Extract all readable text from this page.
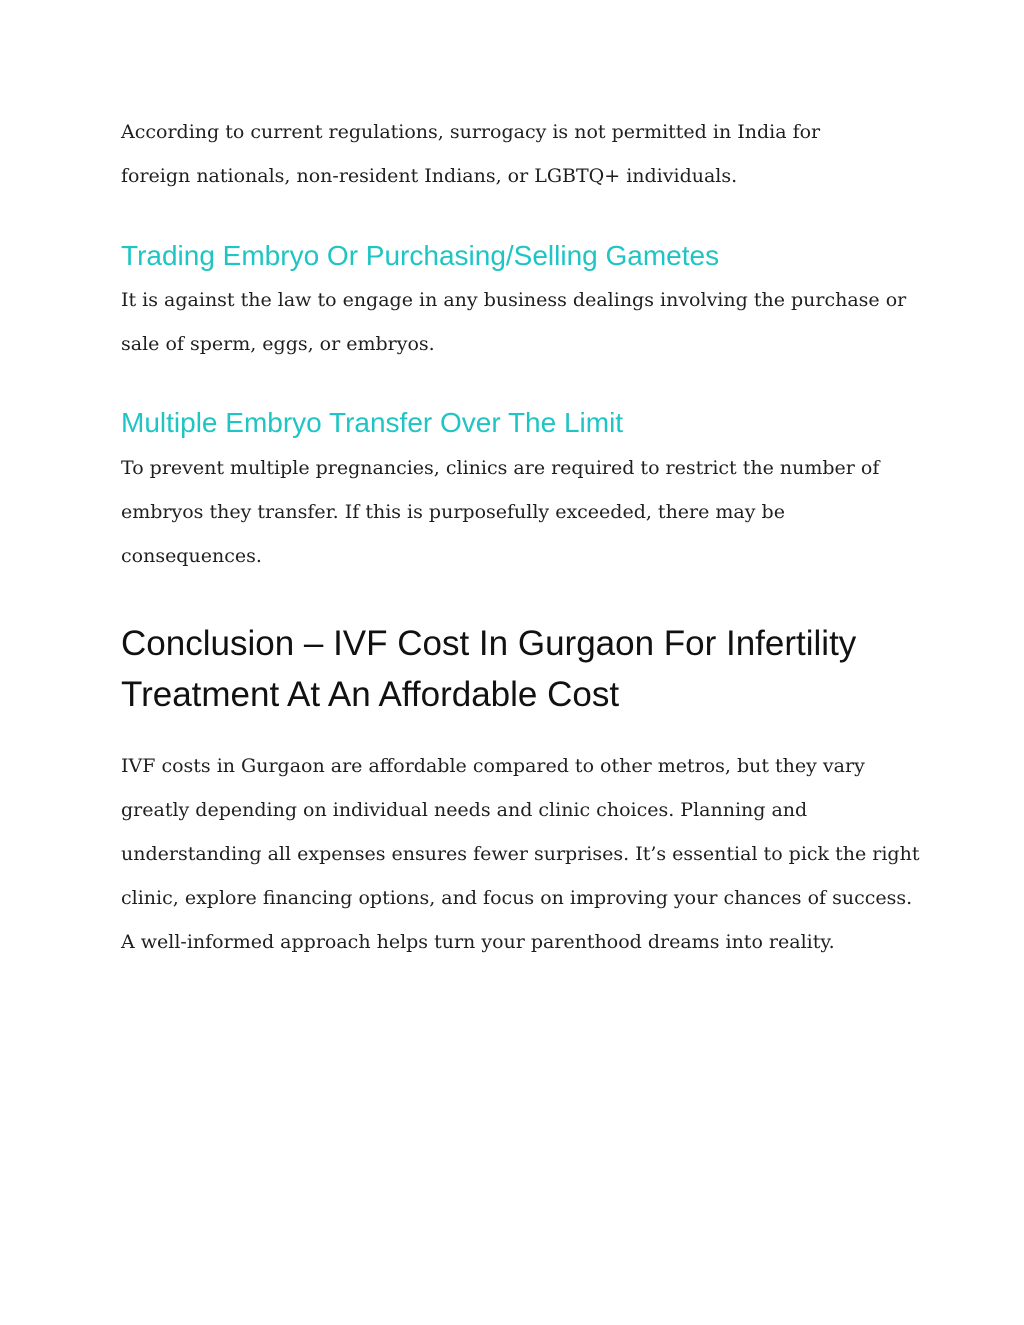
According to current regulations, surrogacy is not permitted in India for foreign nationals, non-resident Indians, or LGBTQ+ individuals.

Trading Embryo Or Purchasing/Selling Gametes

It is against the law to engage in any business dealings involving the purchase or sale of sperm, eggs, or embryos.

Multiple Embryo Transfer Over The Limit

To prevent multiple pregnancies, clinics are required to restrict the number of embryos they transfer. If this is purposefully exceeded, there may be consequences.

Conclusion – IVF Cost In Gurgaon For Infertility Treatment At An Affordable Cost

IVF costs in Gurgaon are affordable compared to other metros, but they vary greatly depending on individual needs and clinic choices. Planning and understanding all expenses ensures fewer surprises. It’s essential to pick the right clinic, explore financing options, and focus on improving your chances of success. A well-informed approach helps turn your parenthood dreams into reality.
